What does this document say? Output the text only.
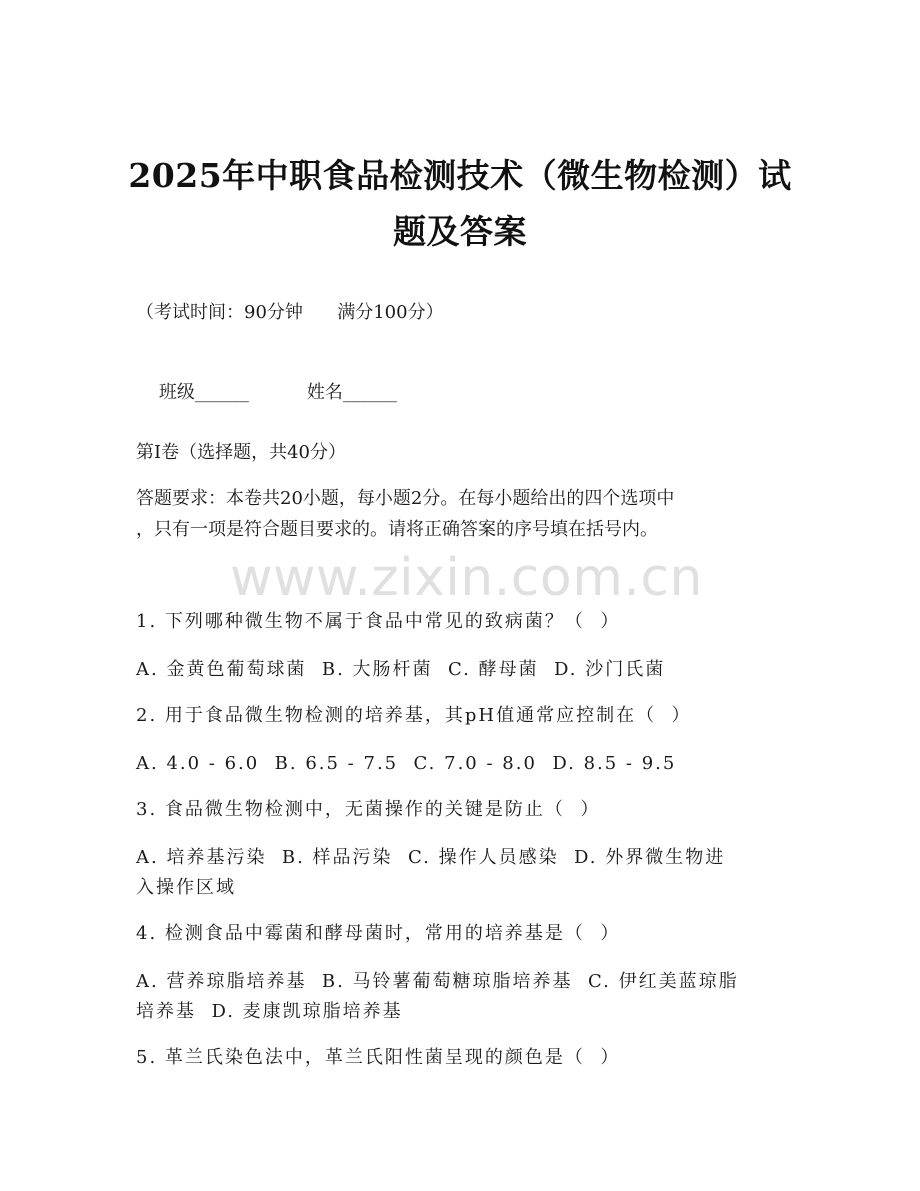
2025年中职食品检测技术（微生物检测）试
题及答案
（考试时间：90分钟      满分100分）

班级______	姓名______

第I卷（选择题，共40分）
答题要求：本卷共20小题，每小题2分。在每小题给出的四个选项中
，只有一项是符合题目要求的。请将正确答案的序号填在括号内。
www.zixin.com.cn
1. 下列哪种微生物不属于食品中常见的致病菌？（  ）
A. 金黄色葡萄球菌  B. 大肠杆菌  C. 酵母菌  D. 沙门氏菌
2. 用于食品微生物检测的培养基，其pH值通常应控制在（  ）
A. 4.0 - 6.0  B. 6.5 - 7.5  C. 7.0 - 8.0  D. 8.5 - 9.5
3. 食品微生物检测中，无菌操作的关键是防止（  ）
A. 培养基污染  B. 样品污染  C. 操作人员感染  D. 外界微生物进
入操作区域
4. 检测食品中霉菌和酵母菌时，常用的培养基是（  ）
A. 营养琼脂培养基  B. 马铃薯葡萄糖琼脂培养基  C. 伊红美蓝琼脂
培养基  D. 麦康凯琼脂培养基
5. 革兰氏染色法中，革兰氏阳性菌呈现的颜色是（  ）
